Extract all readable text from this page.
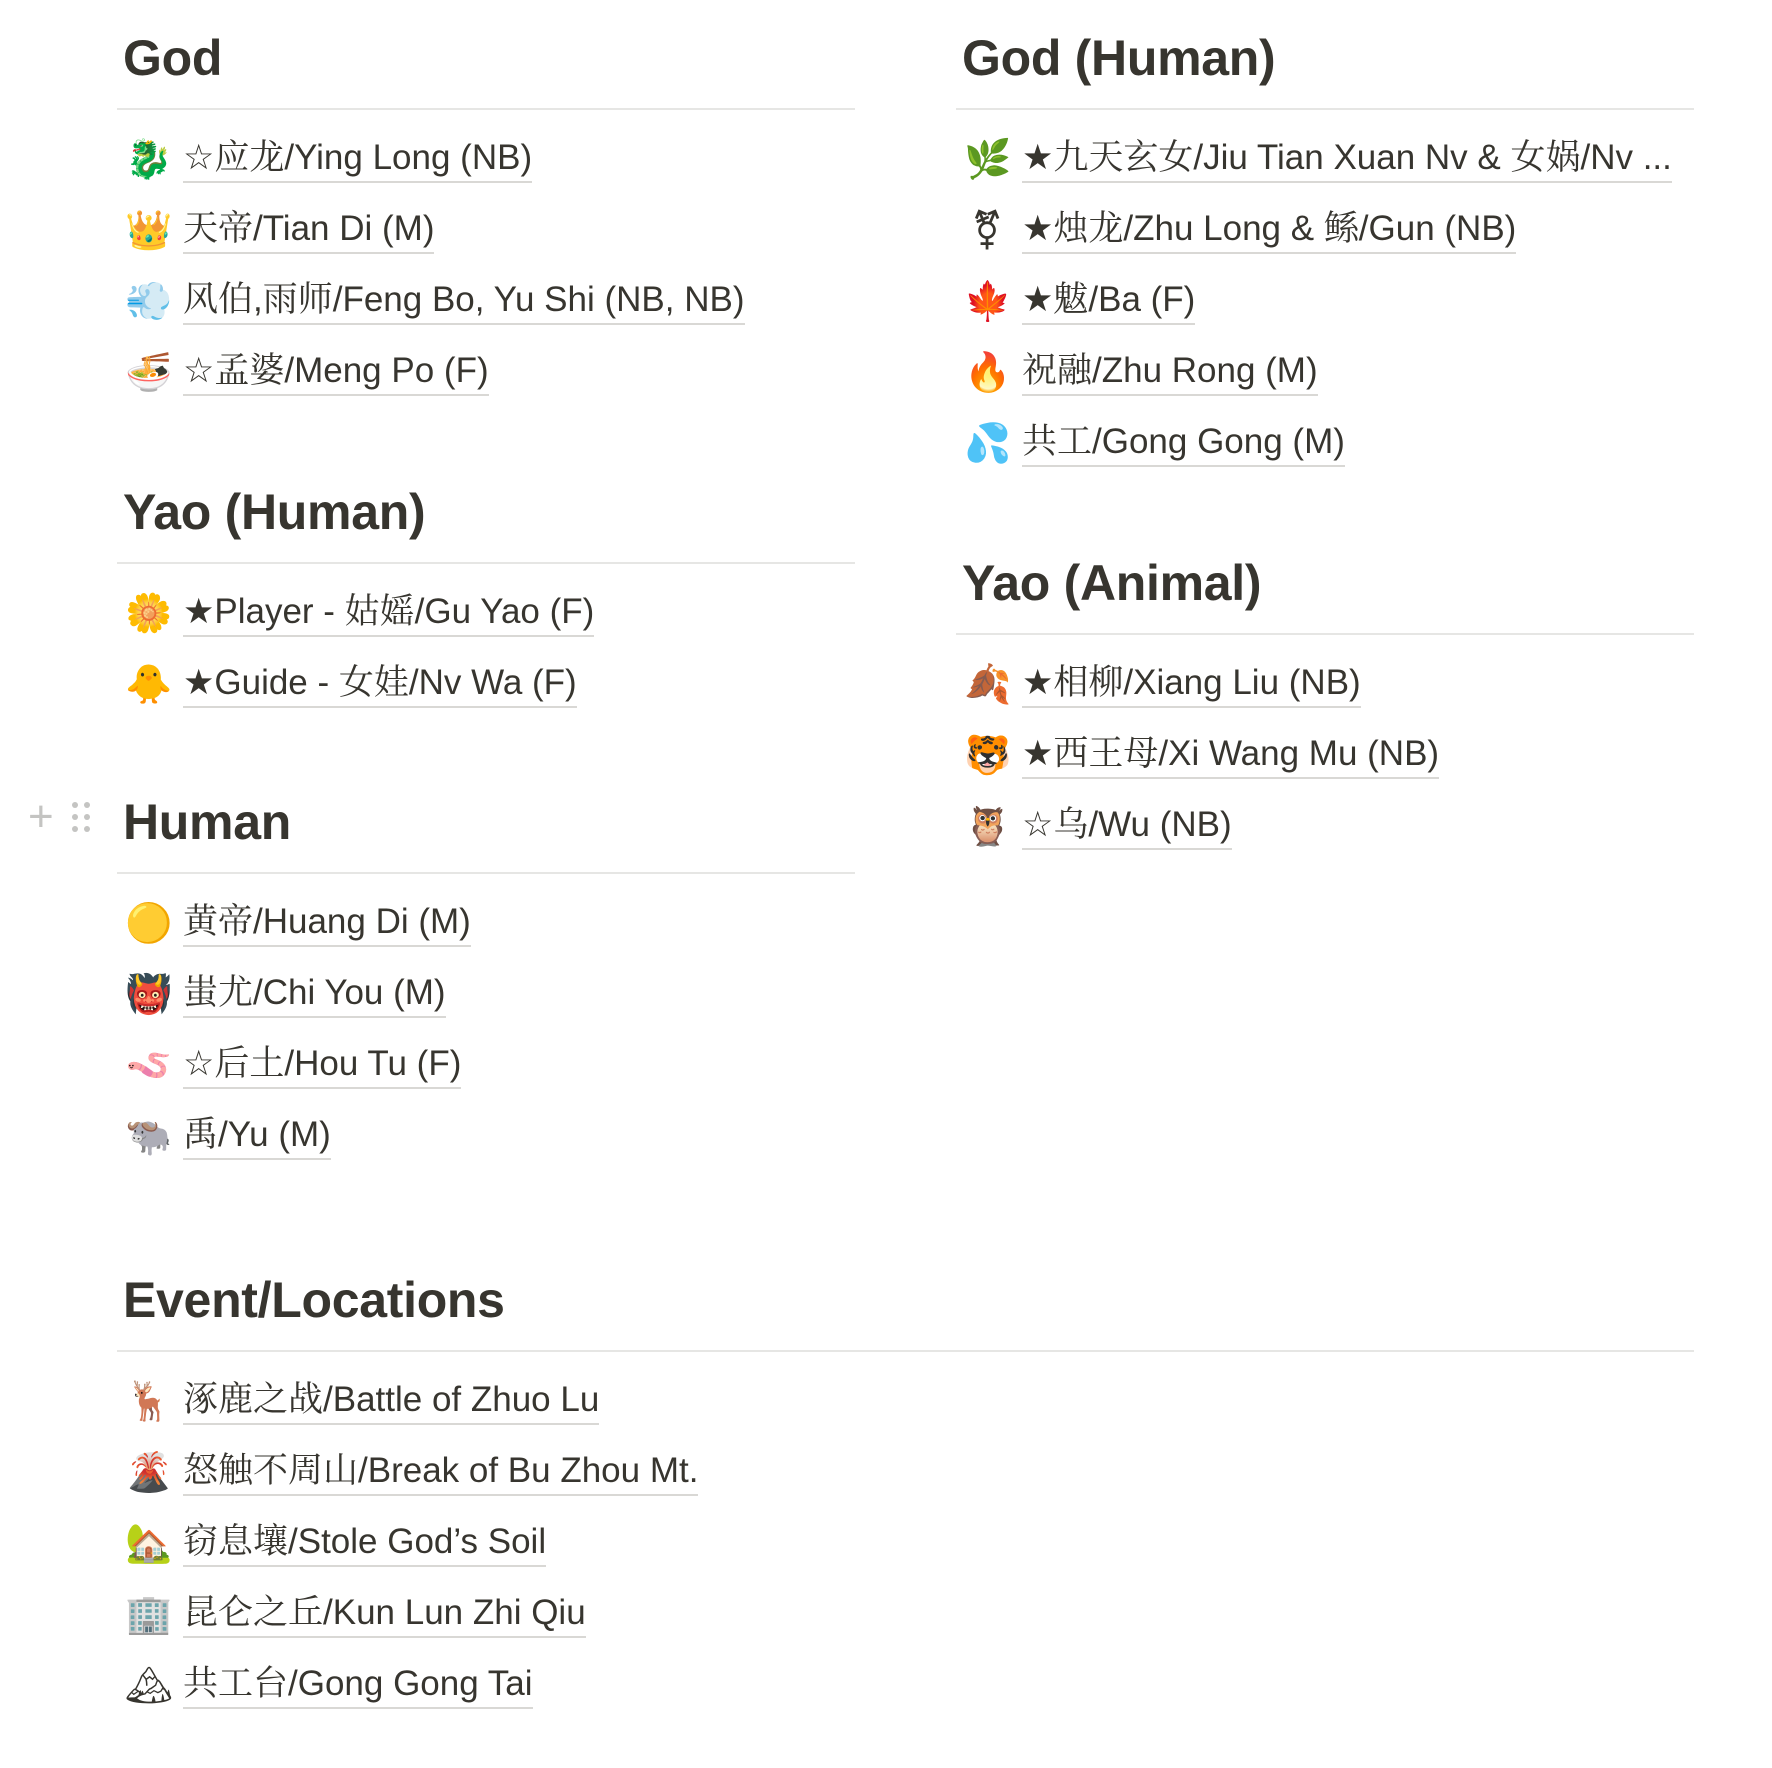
God
🐉 ☆应龙/Ying Long (NB)
👑 天帝/Tian Di (M)
💨 风伯,雨师/Feng Bo, Yu Shi (NB, NB)
🍜 ☆孟婆/Meng Po (F)
God (Human)
🌿 ★九天玄女/Jiu Tian Xuan Nv & 女娲/Nv ...
⚧ ★烛龙/Zhu Long & 鲧/Gun (NB)
🍁 ★魃/Ba (F)
🔥 祝融/Zhu Rong (M)
💦 共工/Gong Gong (M)
Yao (Human)
🌼 ★Player - 姑媱/Gu Yao (F)
🐥 ★Guide - 女娃/Nv Wa (F)
Yao (Animal)
🍂 ★相柳/Xiang Liu (NB)
🐯 ★西王母/Xi Wang Mu (NB)
🦉 ☆乌/Wu (NB)
+ Human
🟡 黄帝/Huang Di (M)
👹 蚩尤/Chi You (M)
🪱 ☆后土/Hou Tu (F)
🐃 禹/Yu (M)
Event/Locations
🦌 涿鹿之战/Battle of Zhuo Lu
🌋 怒触不周山/Break of Bu Zhou Mt.
🏡 窃息壤/Stole God’s Soil
🏢 昆仑之丘/Kun Lun Zhi Qiu
🏔 共工台/Gong Gong Tai
